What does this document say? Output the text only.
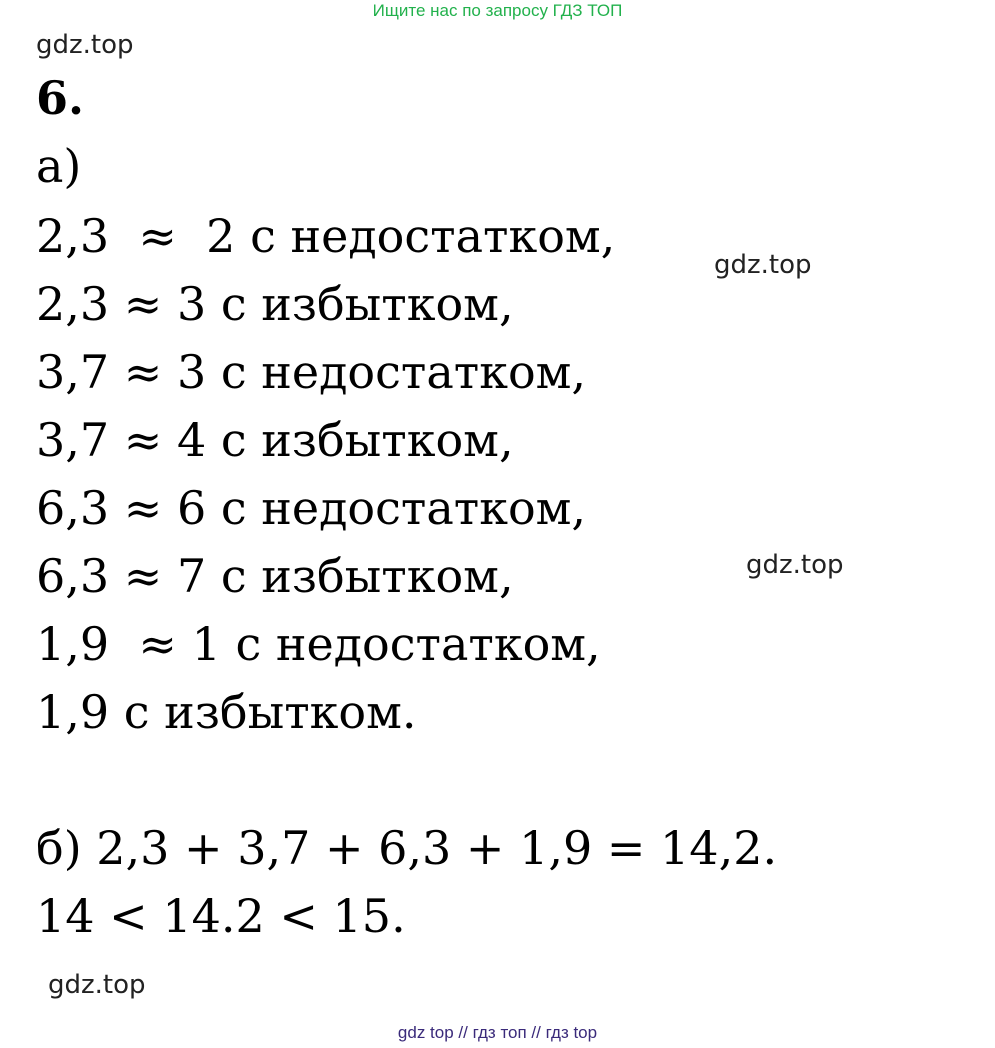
Ищите нас по запросу ГДЗ ТОП
gdz.top
gdz.top
gdz.top
gdz.top
6.
а)
2,3  ≈  2 с недостатком,
2,3 ≈ 3 с избытком,
3,7 ≈ 3 с недостатком,
3,7 ≈ 4 с избытком,
6,3 ≈ 6 с недостатком,
6,3 ≈ 7 с избытком,
1,9  ≈ 1 с недостатком,
1,9 с избытком.
б) 2,3 + 3,7 + 6,3 + 1,9 = 14,2.
14 < 14.2 < 15.
gdz top // гдз топ // гдз top
